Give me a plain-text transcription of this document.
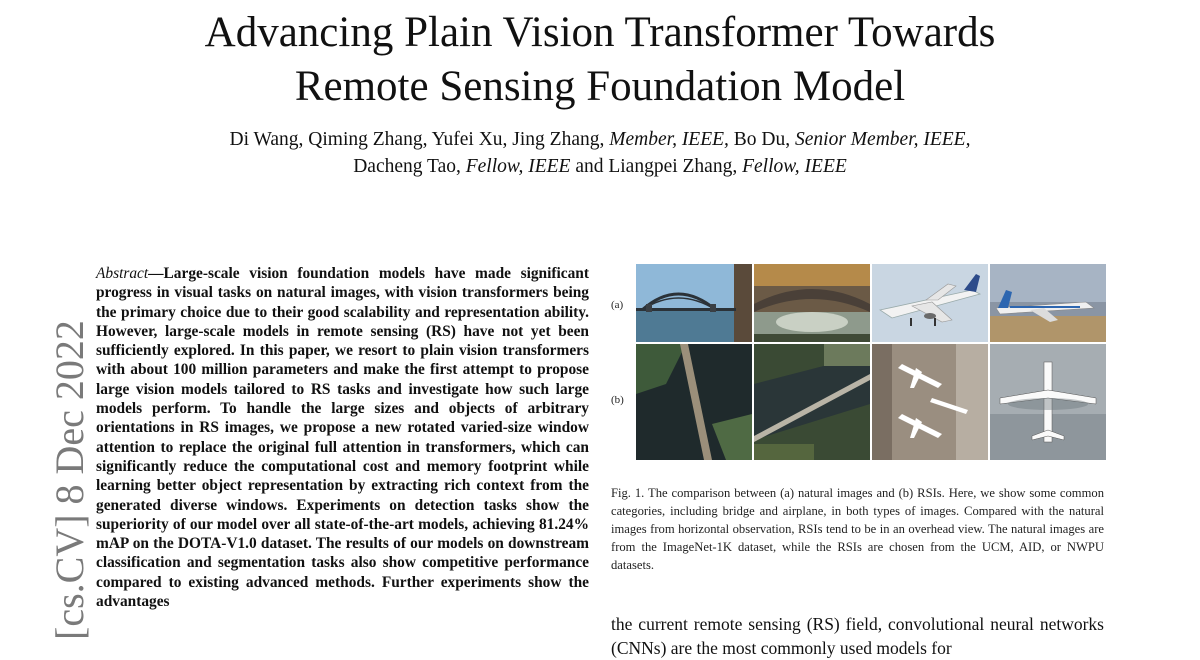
Advancing Plain Vision Transformer Towards
Remote Sensing Foundation Model
Di Wang, Qiming Zhang, Yufei Xu, Jing Zhang, Member, IEEE, Bo Du, Senior Member, IEEE,
Dacheng Tao, Fellow, IEEE and Liangpei Zhang, Fellow, IEEE
[cs.CV] 8 Dec 2022
Abstract—Large-scale vision foundation models have made significant progress in visual tasks on natural images, with vision transformers being the primary choice due to their good scalability and representation ability. However, large-scale models in remote sensing (RS) have not yet been sufficiently explored. In this paper, we resort to plain vision transformers with about 100 million parameters and make the first attempt to propose large vision models tailored to RS tasks and investigate how such large models perform. To handle the large sizes and objects of arbitrary orientations in RS images, we propose a new rotated varied-size window attention to replace the original full attention in transformers, which can significantly reduce the computational cost and memory footprint while learning better object representation by extracting rich context from the generated diverse windows. Experiments on detection tasks show the superiority of our model over all state-of-the-art models, achieving 81.24% mAP on the DOTA-V1.0 dataset. The results of our models on downstream classification and segmentation tasks also show competitive performance compared to existing advanced methods. Further experiments show the advantages
(a)
(b)
Fig. 1. The comparison between (a) natural images and (b) RSIs. Here, we show some common categories, including bridge and airplane, in both types of images. Compared with the natural images from horizontal observation, RSIs tend to be in an overhead view. The natural images are from the ImageNet-1K dataset, while the RSIs are chosen from the UCM, AID, or NWPU datasets.
the current remote sensing (RS) field, convolutional neural networks (CNNs) are the most commonly used models for
